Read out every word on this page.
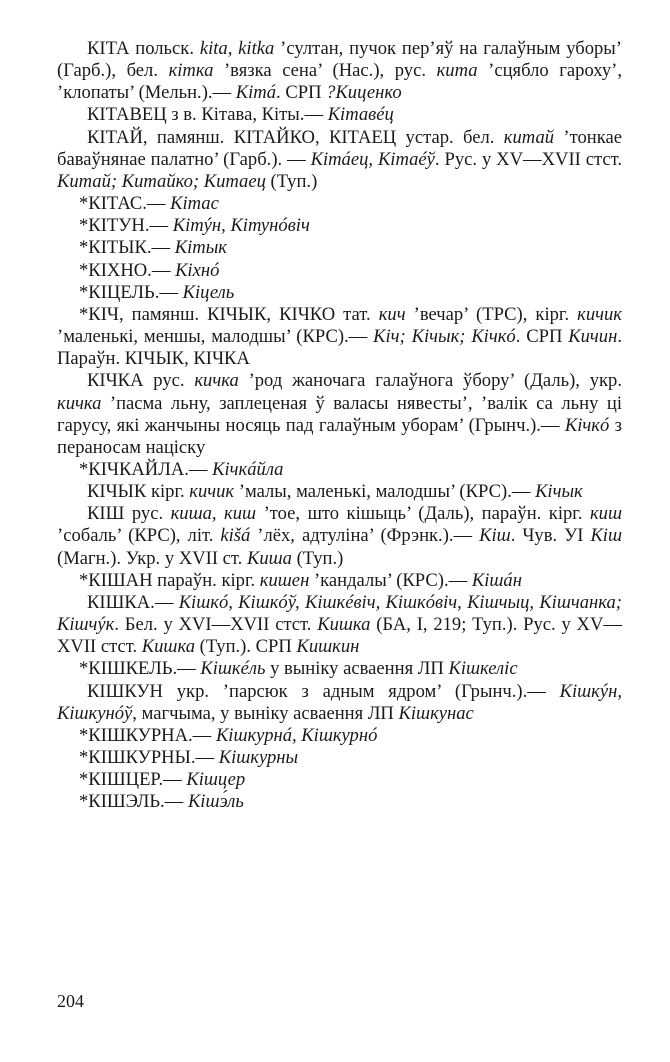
КІТА польск. kita, kitka ’султан, пучок пер’яў на галаўным уборы’ (Гарб.), бел. кітка ’вязка сена’ (Нас.), рус. кита ’сцябло гароху’, ’клопаты’ (Мельн.).— Кітá. СРП ?Киценко

КІТАВЕЦ з в. Кітава, Кіты.— Кітавéц

КІТАЙ, памянш. КІТАЙКО, КІТАЕЦ устар. бел. китай ’тонкае баваўнянае палатно’ (Гарб.). — Кітáец, Кітаéў. Рус. у XV—XVII стст. Китай; Китайко; Китаец (Туп.)

*КІТАС.— Кітас

*КІТУН.— Кітýн, Кітунóвіч

*КІТЫК.— Кітык

*КІХНО.— Кіхнó

*КІЦЕЛЬ.— Кіцель

*КІЧ, памянш. КІЧЫК, КІЧКО тат. кич ’вечар’ (ТРС), кірг. кичик ’маленькі, меншы, малодшы’ (КРС).— Кіч; Кічык; Кічкó. СРП Кичин. Параўн. КІЧЫК, КІЧКА

КІЧКА рус. кичка ’род жаночага галаўнога ўбору’ (Даль), укр. кичка ’пасма льну, заплеценая ў валасы нявесты’, ’валік са льну ці гарусу, які жанчыны носяць пад галаўным уборам’ (Грынч.).— Кічкó з пераносам націску

*КІЧКАЙЛА.— Кічкáйла

КІЧЫК кірг. кичик ’малы, маленькі, малодшы’ (КРС).— Кічык

КІШ рус. киша, киш ’тое, што кішыць’ (Даль), параўн. кірг. киш ’собаль’ (КРС), літ. kišá ’лёх, адтуліна’ (Фрэнк.).— Кіш. Чув. УІ Кіш (Магн.). Укр. у XVII ст. Киша (Туп.)

*КІШАН параўн. кірг. кишен ’кандалы’ (КРС).— Кішáн

КІШКА.— Кішкó, Кішкóў, Кішкéвіч, Кішкóвіч, Кішчыц, Кішчанка; Кішчýк. Бел. у XVI—XVII стст. Кишка (БА, І, 219; Туп.). Рус. у XV—XVII стст. Кишка (Туп.). СРП Кишкин

*КІШКЕЛЬ.— Кішкéль у выніку асваення ЛП Кішкеліс

КІШКУН укр. ’парсюк з адным ядром’ (Грынч.).— Кішкýн, Кішкунóў, магчыма, у выніку асваення ЛП Кішкунас

*КІШКУРНА.— Кішкурнá, Кішкурнó

*КІШКУРНЫ.— Кішкурны

*КІШЦЕР.— Кішцер

*КІШЭЛЬ.— Кішэ́ль

204
